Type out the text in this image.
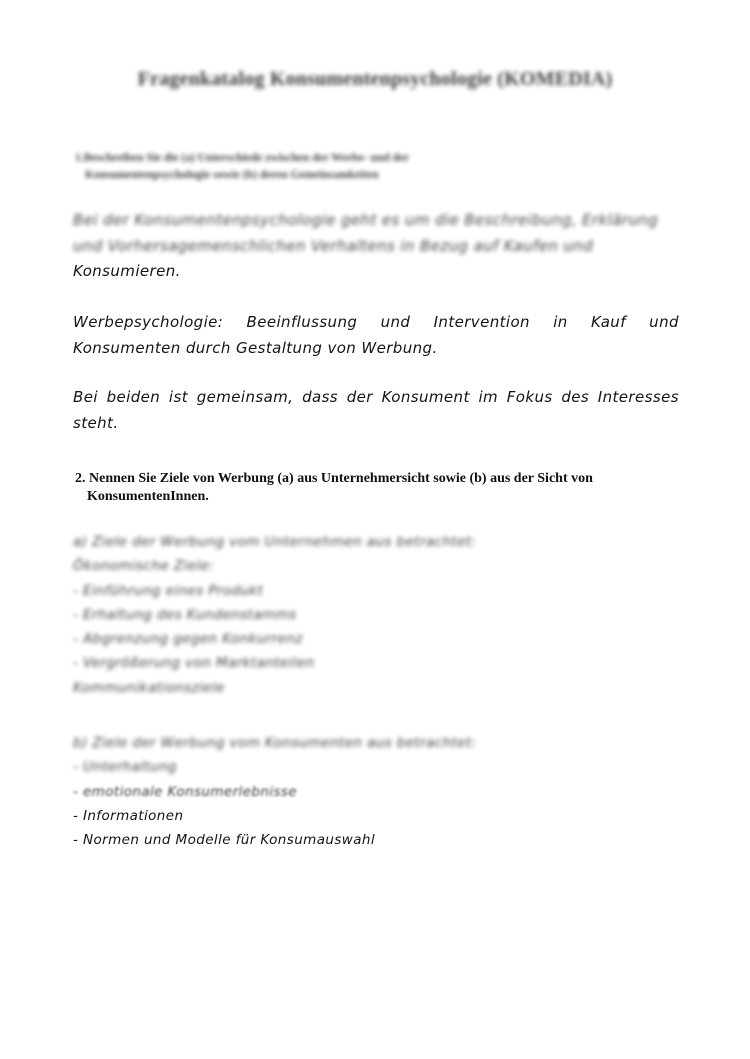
Fragenkatalog Konsumentenpsychologie (KOMEDIA)
1.Beschreiben Sie die (a) Unterschiede zwischen der Werbe- und der
Konsumentenpsychologie sowie (b) deren Gemeinsamkeiten
Bei der Konsumentenpsychologie geht es um die Beschreibung, Erklärung
und Vorhersagemenschlichen Verhaltens in Bezug auf Kaufen und
Konsumieren.
Werbepsychologie: Beeinflussung und Intervention in Kauf und
Konsumenten durch Gestaltung von Werbung.
Bei beiden ist gemeinsam, dass der Konsument im Fokus des Interesses
steht.
2. Nennen Sie Ziele von Werbung (a) aus Unternehmersicht sowie (b) aus der Sicht von
KonsumentenInnen.
a) Ziele der Werbung vom Unternehmen aus betrachtet:
Ökonomische Ziele:
- Einführung eines Produkt
- Erhaltung des Kundenstamms
- Abgrenzung gegen Konkurrenz
- Vergrößerung von Marktanteilen
Kommunikationsziele
b) Ziele der Werbung vom Konsumenten aus betrachtet:
- Unterhaltung
- emotionale Konsumerlebnisse
- Informationen
- Normen und Modelle für Konsumauswahl
